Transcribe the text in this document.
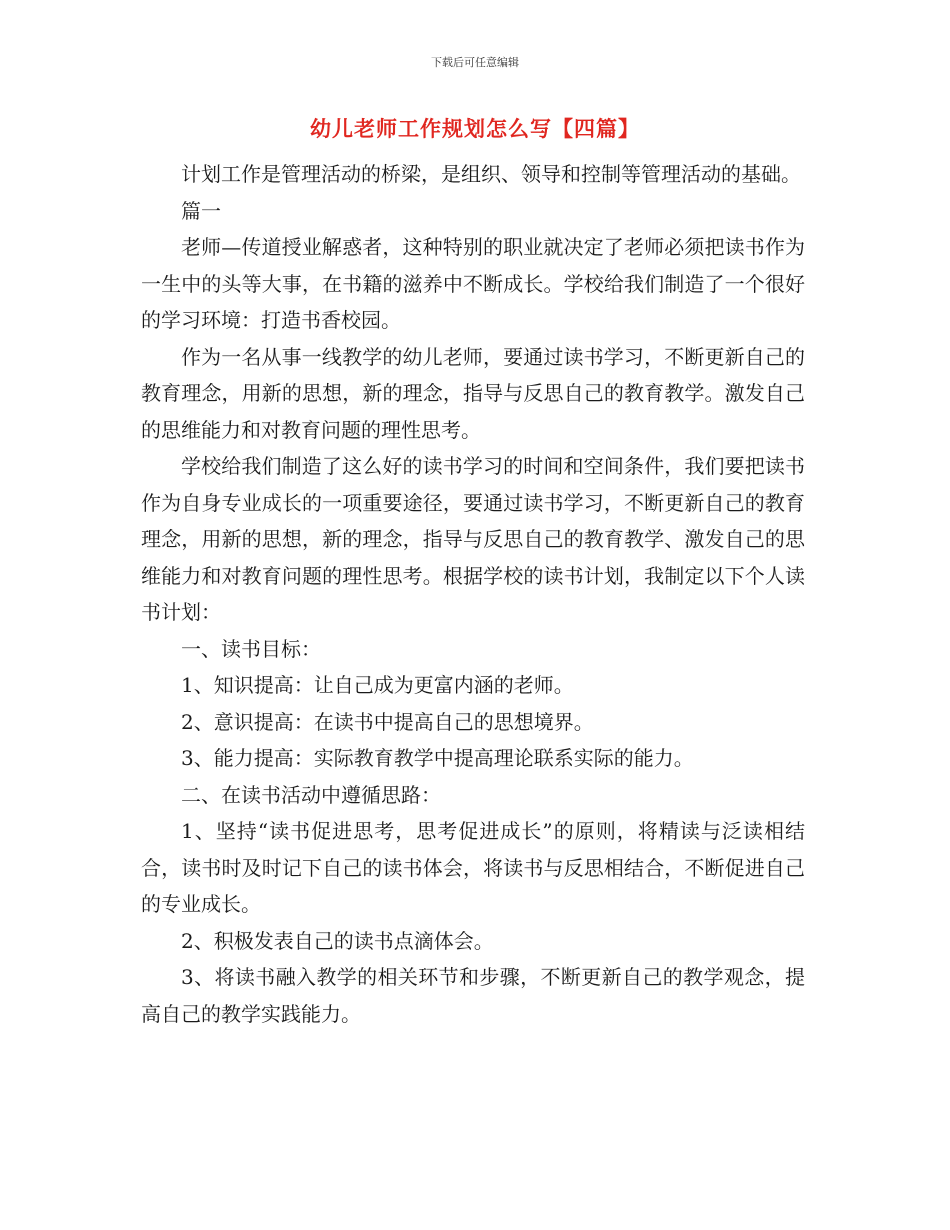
下载后可任意编辑
幼儿老师工作规划怎么写【四篇】

计划工作是管理活动的桥梁，是组织、领导和控制等管理活动的基础。

篇一

老师—传道授业解惑者，这种特别的职业就决定了老师必须把读书作为一生中的头等大事，在书籍的滋养中不断成长。学校给我们制造了一个很好的学习环境：打造书香校园。

作为一名从事一线教学的幼儿老师，要通过读书学习，不断更新自己的教育理念，用新的思想，新的理念，指导与反思自己的教育教学。激发自己的思维能力和对教育问题的理性思考。

学校给我们制造了这么好的读书学习的时间和空间条件，我们要把读书作为自身专业成长的一项重要途径，要通过读书学习，不断更新自己的教育理念，用新的思想，新的理念，指导与反思自己的教育教学、激发自己的思维能力和对教育问题的理性思考。根据学校的读书计划，我制定以下个人读书计划：

一、读书目标：

1、知识提高：让自己成为更富内涵的老师。

2、意识提高：在读书中提高自己的思想境界。

3、能力提高：实际教育教学中提高理论联系实际的能力。

二、在读书活动中遵循思路：

1、坚持“读书促进思考，思考促进成长”的原则，将精读与泛读相结合，读书时及时记下自己的读书体会，将读书与反思相结合，不断促进自己的专业成长。

2、积极发表自己的读书点滴体会。

3、将读书融入教学的相关环节和步骤，不断更新自己的教学观念，提高自己的教学实践能力。
